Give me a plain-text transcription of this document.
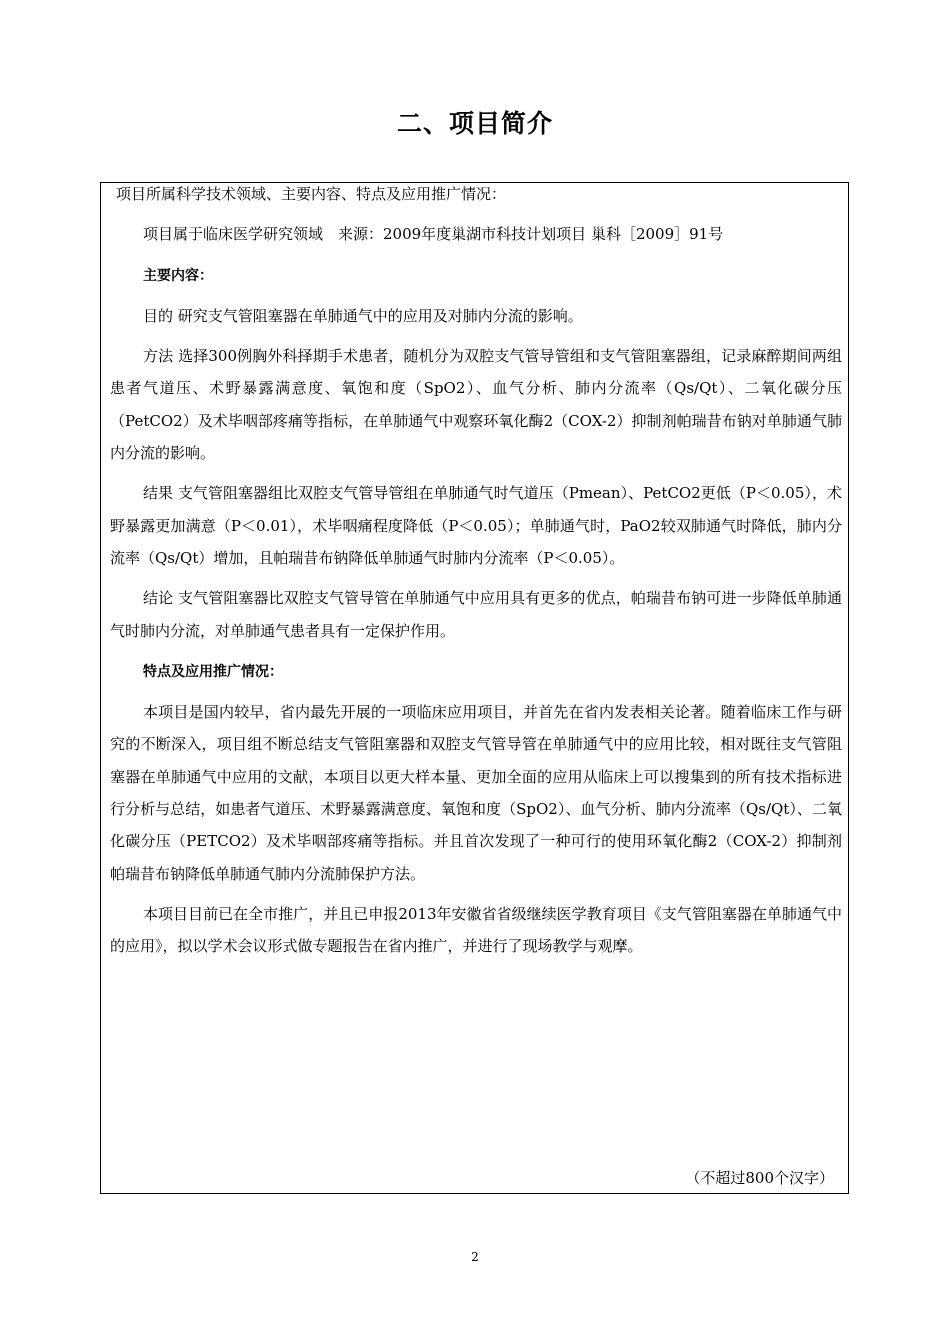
二、项目简介

项目所属科学技术领域、主要内容、特点及应用推广情况：

项目属于临床医学研究领域　来源：2009年度巢湖市科技计划项目 巢科［2009］91号

主要内容：

目的 研究支气管阻塞器在单肺通气中的应用及对肺内分流的影响。

方法 选择300例胸外科择期手术患者，随机分为双腔支气管导管组和支气管阻塞器组，记录麻醉期间两组患者气道压、术野暴露满意度、氧饱和度（SpO2）、血气分析、肺内分流率（Qs/Qt）、二氧化碳分压（PetCO2）及术毕咽部疼痛等指标，在单肺通气中观察环氧化酶2（COX-2）抑制剂帕瑞昔布钠对单肺通气肺内分流的影响。

结果 支气管阻塞器组比双腔支气管导管组在单肺通气时气道压（Pmean）、PetCO2更低（P＜0.05），术野暴露更加满意（P＜0.01），术毕咽痛程度降低（P＜0.05）；单肺通气时，PaO2较双肺通气时降低，肺内分流率（Qs/Qt）增加，且帕瑞昔布钠降低单肺通气时肺内分流率（P＜0.05）。

结论 支气管阻塞器比双腔支气管导管在单肺通气中应用具有更多的优点，帕瑞昔布钠可进一步降低单肺通气时肺内分流，对单肺通气患者具有一定保护作用。

特点及应用推广情况：

本项目是国内较早，省内最先开展的一项临床应用项目，并首先在省内发表相关论著。随着临床工作与研究的不断深入，项目组不断总结支气管阻塞器和双腔支气管导管在单肺通气中的应用比较，相对既往支气管阻塞器在单肺通气中应用的文献，本项目以更大样本量、更加全面的应用从临床上可以搜集到的所有技术指标进行分析与总结，如患者气道压、术野暴露满意度、氧饱和度（SpO2）、血气分析、肺内分流率（Qs/Qt）、二氧化碳分压（PETCO2）及术毕咽部疼痛等指标。并且首次发现了一种可行的使用环氧化酶2（COX-2）抑制剂帕瑞昔布钠降低单肺通气肺内分流肺保护方法。

本项目目前已在全市推广，并且已申报2013年安徽省省级继续医学教育项目《支气管阻塞器在单肺通气中的应用》，拟以学术会议形式做专题报告在省内推广，并进行了现场教学与观摩。

（不超过800个汉字）
2
